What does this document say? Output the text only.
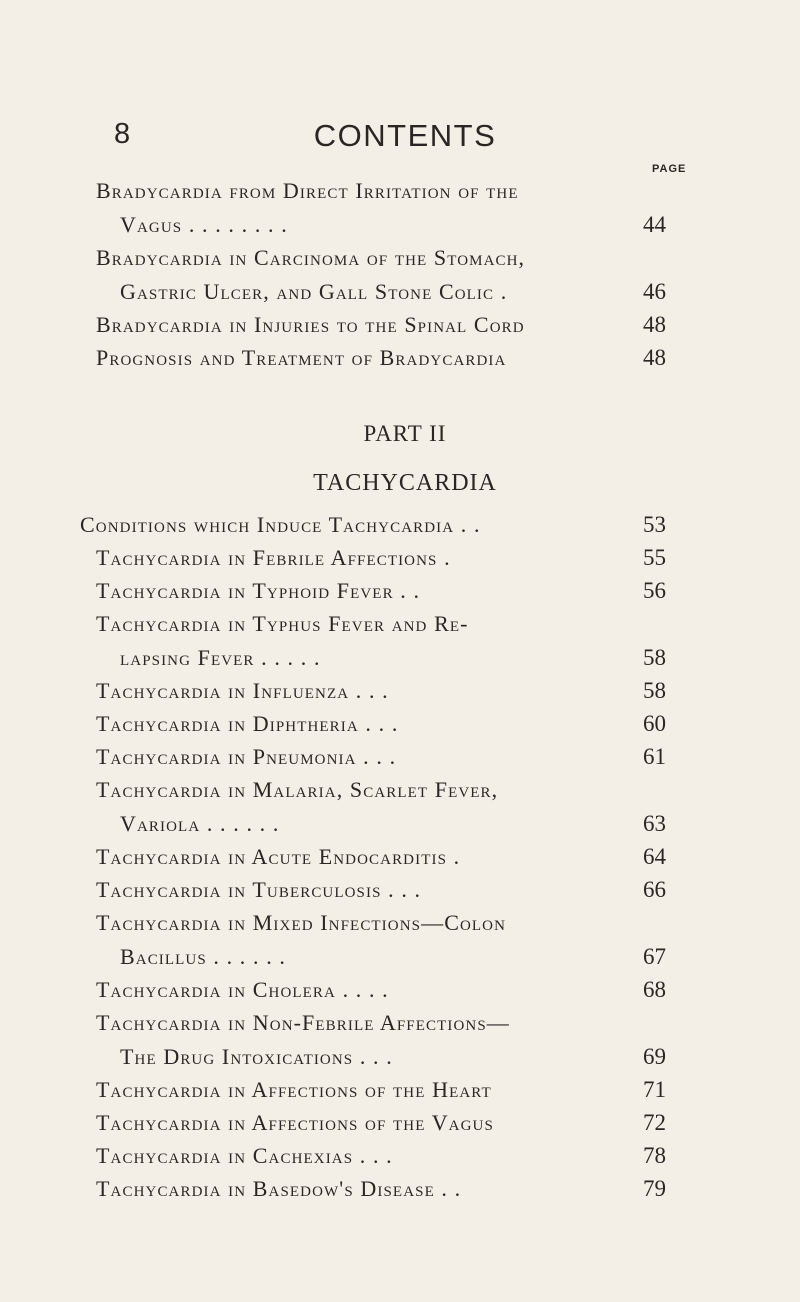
8	CONTENTS
PAGE
Bradycardia from Direct Irritation of the
Vagus . . . . . . . .	44
Bradycardia in Carcinoma of the Stomach,
Gastric Ulcer, and Gall Stone Colic .	46
Bradycardia in Injuries to the Spinal Cord	48
Prognosis and Treatment of Bradycardia	48
PART II
TACHYCARDIA
Conditions which Induce Tachycardia . .	53
Tachycardia in Febrile Affections .	55
Tachycardia in Typhoid Fever . .	56
Tachycardia in Typhus Fever and Re-
lapsing Fever . . . . .	58
Tachycardia in Influenza . . .	58
Tachycardia in Diphtheria . . .	60
Tachycardia in Pneumonia . . .	61
Tachycardia in Malaria, Scarlet Fever,
Variola . . . . . .	63
Tachycardia in Acute Endocarditis .	64
Tachycardia in Tuberculosis . . .	66
Tachycardia in Mixed Infections—Colon
Bacillus . . . . . .	67
Tachycardia in Cholera . . . .	68
Tachycardia in Non-Febrile Affections—
The Drug Intoxications . . .	69
Tachycardia in Affections of the Heart	71
Tachycardia in Affections of the Vagus	72
Tachycardia in Cachexias . . .	78
Tachycardia in Basedow's Disease . .	79
